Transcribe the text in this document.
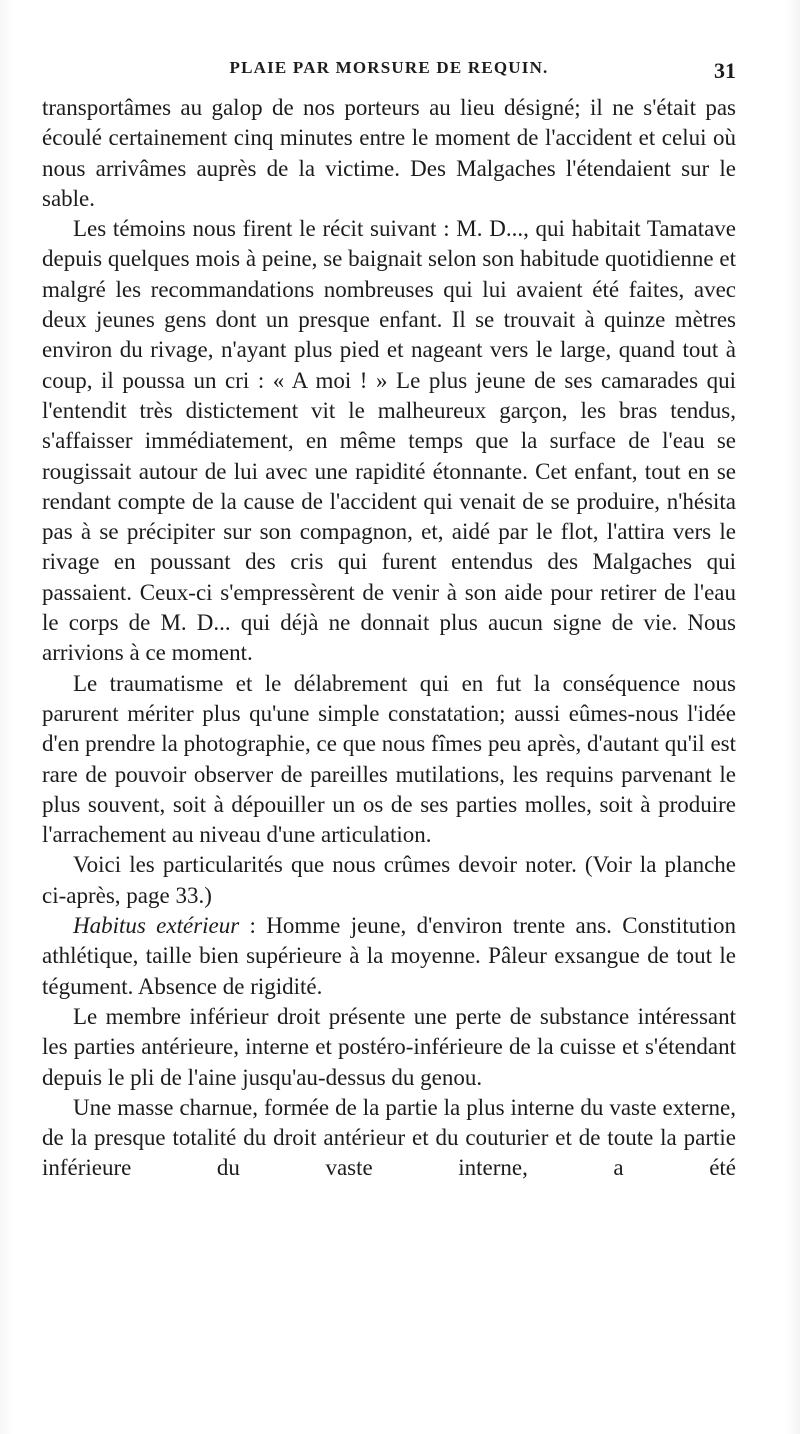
PLAIE PAR MORSURE DE REQUIN.	31

transportâmes au galop de nos porteurs au lieu désigné; il ne s'était pas écoulé certainement cinq minutes entre le moment de l'accident et celui où nous arrivâmes auprès de la victime. Des Malgaches l'étendaient sur le sable.

Les témoins nous firent le récit suivant : M. D..., qui habitait Tamatave depuis quelques mois à peine, se baignait selon son habitude quotidienne et malgré les recommandations nombreuses qui lui avaient été faites, avec deux jeunes gens dont un presque enfant. Il se trouvait à quinze mètres environ du rivage, n'ayant plus pied et nageant vers le large, quand tout à coup, il poussa un cri : « A moi ! » Le plus jeune de ses camarades qui l'entendit très distictement vit le malheureux garçon, les bras tendus, s'affaisser immédiatement, en même temps que la surface de l'eau se rougissait autour de lui avec une rapidité étonnante. Cet enfant, tout en se rendant compte de la cause de l'accident qui venait de se produire, n'hésita pas à se précipiter sur son compagnon, et, aidé par le flot, l'attira vers le rivage en poussant des cris qui furent entendus des Malgaches qui passaient. Ceux-ci s'empressèrent de venir à son aide pour retirer de l'eau le corps de M. D... qui déjà ne donnait plus aucun signe de vie. Nous arrivions à ce moment.

Le traumatisme et le délabrement qui en fut la conséquence nous parurent mériter plus qu'une simple constatation; aussi eûmes-nous l'idée d'en prendre la photographie, ce que nous fîmes peu après, d'autant qu'il est rare de pouvoir observer de pareilles mutilations, les requins parvenant le plus souvent, soit à dépouiller un os de ses parties molles, soit à produire l'arrachement au niveau d'une articulation.

Voici les particularités que nous crûmes devoir noter. (Voir la planche ci-après, page 33.)

Habitus extérieur : Homme jeune, d'environ trente ans. Constitution athlétique, taille bien supérieure à la moyenne. Pâleur exsangue de tout le tégument. Absence de rigidité.

Le membre inférieur droit présente une perte de substance intéressant les parties antérieure, interne et postéro-inférieure de la cuisse et s'étendant depuis le pli de l'aine jusqu'au-dessus du genou.

Une masse charnue, formée de la partie la plus interne du vaste externe, de la presque totalité du droit antérieur et du couturier et de toute la partie inférieure du vaste interne, a été
